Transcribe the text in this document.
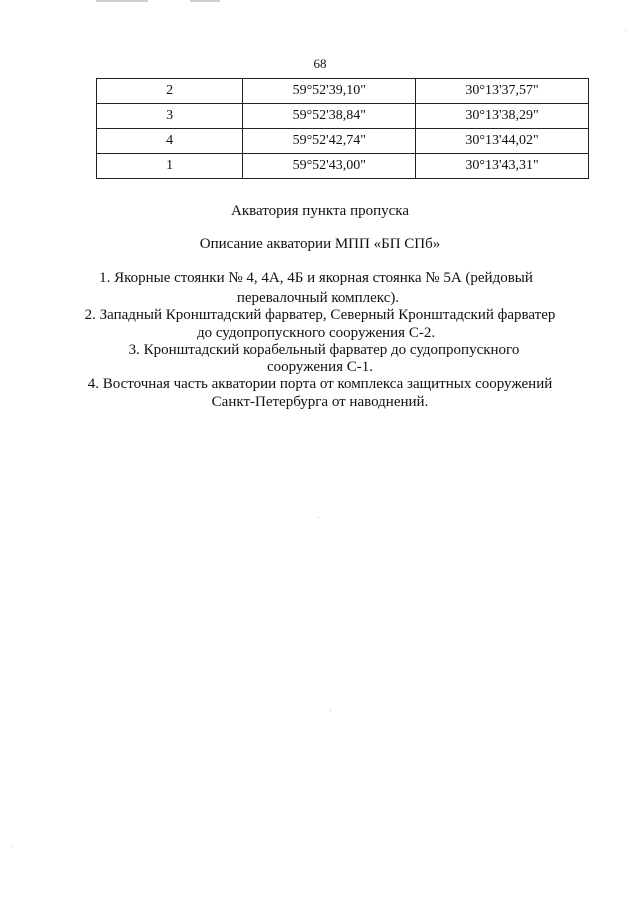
68
2	59°52'39,10"	30°13'37,57"
3	59°52'38,84"	30°13'38,29"
4	59°52'42,74"	30°13'44,02"
1	59°52'43,00"	30°13'43,31"
Акватория пункта пропуска
Описание акватории МПП «БП СПб»
1. Якорные стоянки № 4, 4А, 4Б и якорная стоянка № 5А (рейдовый
перевалочный комплекс).
2. Западный Кронштадский фарватер, Северный Кронштадский фарватер
до судопропускного сооружения С-2.
3. Кронштадский корабельный фарватер до судопропускного
сооружения С-1.
4. Восточная часть акватории порта от комплекса защитных сооружений
Санкт-Петербурга от наводнений.
